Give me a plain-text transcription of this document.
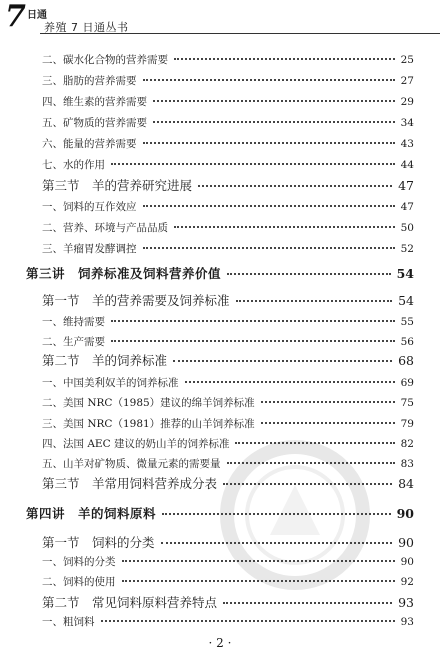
7 日通
养殖 7 日通丛书
二、碳水化合物的营养需要	25
三、脂肪的营养需要	27
四、维生素的营养需要	29
五、矿物质的营养需要	34
六、能量的营养需要	43
七、水的作用	44
第三节　羊的营养研究进展	47
一、饲料的互作效应	47
二、营养、环境与产品品质	50
三、羊瘤胃发酵调控	52
第三讲　饲养标准及饲料营养价值	54
第一节　羊的营养需要及饲养标准	54
一、维持需要	55
二、生产需要	56
第二节　羊的饲养标准	68
一、中国美利奴羊的饲养标准	69
二、美国 NRC（1985）建议的绵羊饲养标准	75
三、美国 NRC（1981）推荐的山羊饲养标准	79
四、法国 AEC 建议的奶山羊的饲养标准	82
五、山羊对矿物质、微量元素的需要量	83
第三节　羊常用饲料营养成分表	84
第四讲　羊的饲料原料	90
第一节　饲料的分类	90
一、饲料的分类	90
二、饲料的使用	92
第二节　常见饲料原料营养特点	93
一、粗饲料	93
· 2 ·
